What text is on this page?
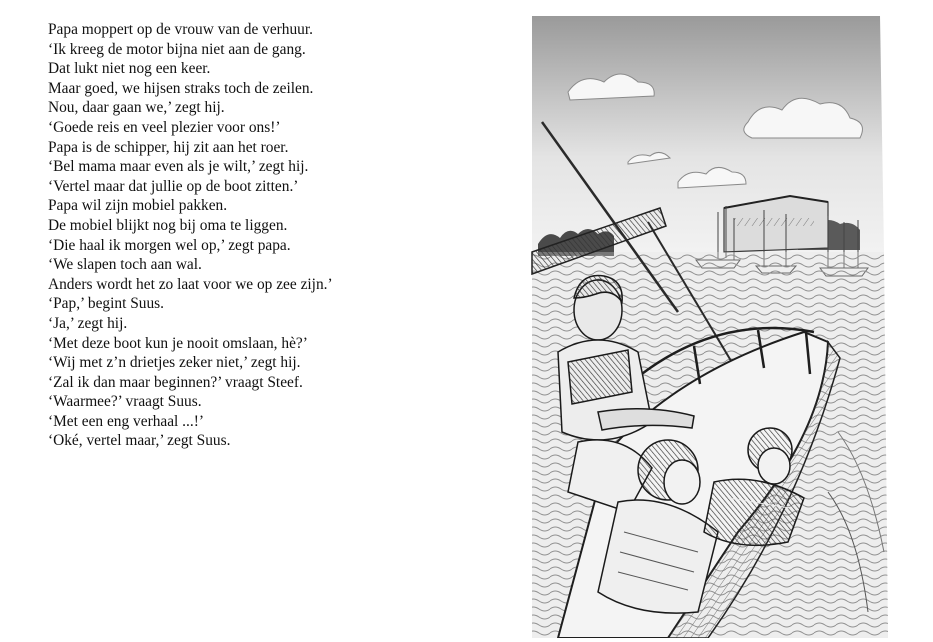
Papa moppert op de vrouw van de verhuur.
‘Ik kreeg de motor bijna niet aan de gang.
Dat lukt niet nog een keer.
Maar goed, we hijsen straks toch de zeilen.
Nou, daar gaan we,’ zegt hij.
‘Goede reis en veel plezier voor ons!’
Papa is de schipper, hij zit aan het roer.
‘Bel mama maar even als je wilt,’ zegt hij.
‘Vertel maar dat jullie op de boot zitten.’
Papa wil zijn mobiel pakken.
De mobiel blijkt nog bij oma te liggen.
‘Die haal ik morgen wel op,’ zegt papa.
‘We slapen toch aan wal.
Anders wordt het zo laat voor we op zee zijn.’
‘Pap,’ begint Suus.
‘Ja,’ zegt hij.
‘Met deze boot kun je nooit omslaan, hè?’
‘Wij met z’n drietjes zeker niet,’ zegt hij.
‘Zal ik dan maar beginnen?’ vraagt Steef.
‘Waarmee?’ vraagt Suus.
‘Met een eng verhaal ...!’
‘Oké, vertel maar,’ zegt Suus.
